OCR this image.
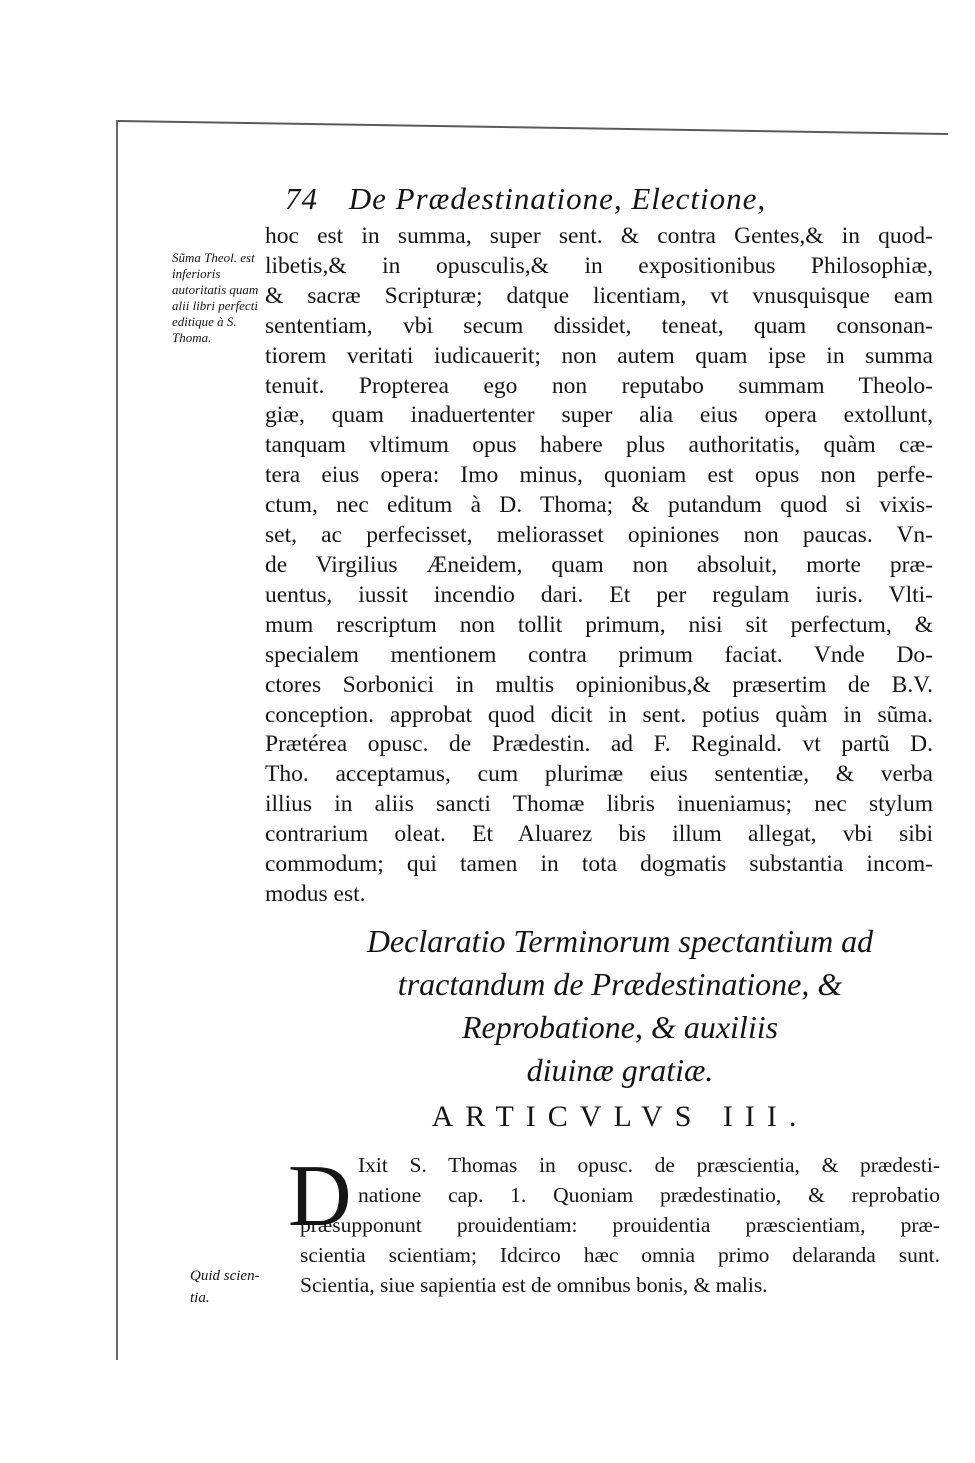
74 De Prædestinatione, Electione,
Sũma Theol. est inferioris autoritatis quam alii libri perfecti editique à S. Thoma.
hoc est in summa, super sent. & contra Gentes,& in quod-
libetis,& in opusculis,& in expositionibus Philosophiæ,
& sacræ Scripturæ; datque licentiam, vt vnusquisque eam
sententiam, vbi secum dissidet, teneat, quam consonan-
tiorem veritati iudicauerit; non autem quam ipse in summa
tenuit. Propterea ego non reputabo summam Theolo-
giæ, quam inaduertenter super alia eius opera extollunt,
tanquam vltimum opus habere plus authoritatis, quàm cæ-
tera eius opera: Imo minus, quoniam est opus non perfe-
ctum, nec editum à D. Thoma; & putandum quod si vixis-
set, ac perfecisset, meliorasset opiniones non paucas. Vn-
de Virgilius Æneidem, quam non absoluit, morte præ-
uentus, iussit incendio dari. Et per regulam iuris. Vlti-
mum rescriptum non tollit primum, nisi sit perfectum, &
specialem mentionem contra primum faciat. Vnde Do-
ctores Sorbonici in multis opinionibus,& præsertim de B.V.
conception. approbat quod dicit in sent. potius quàm in sũma.
Prætérea opusc. de Prædestin. ad F. Reginald. vt partũ D.
Tho. acceptamus, cum plurimæ eius sententiæ, & verba
illius in aliis sancti Thomæ libris inueniamus; nec stylum
contrarium oleat. Et Aluarez bis illum allegat, vbi sibi
commodum; qui tamen in tota dogmatis substantia incom-
modus est.
Declaratio Terminorum spectantium ad
tractandum de Prædestinatione, &
Reprobatione, & auxiliis
diuinæ gratiæ.
ARTICVLVS III.
D Ixit S. Thomas in opusc. de præscientia, & prædesti-
natione cap. 1. Quoniam prædestinatio, & reprobatio
præsupponunt prouidentiam: prouidentia præscientiam, præ-
scientia scientiam; Idcirco hæc omnia primo delaranda sunt.
Scientia, siue sapientia est de omnibus bonis, & malis.
Quid scien- tia.
